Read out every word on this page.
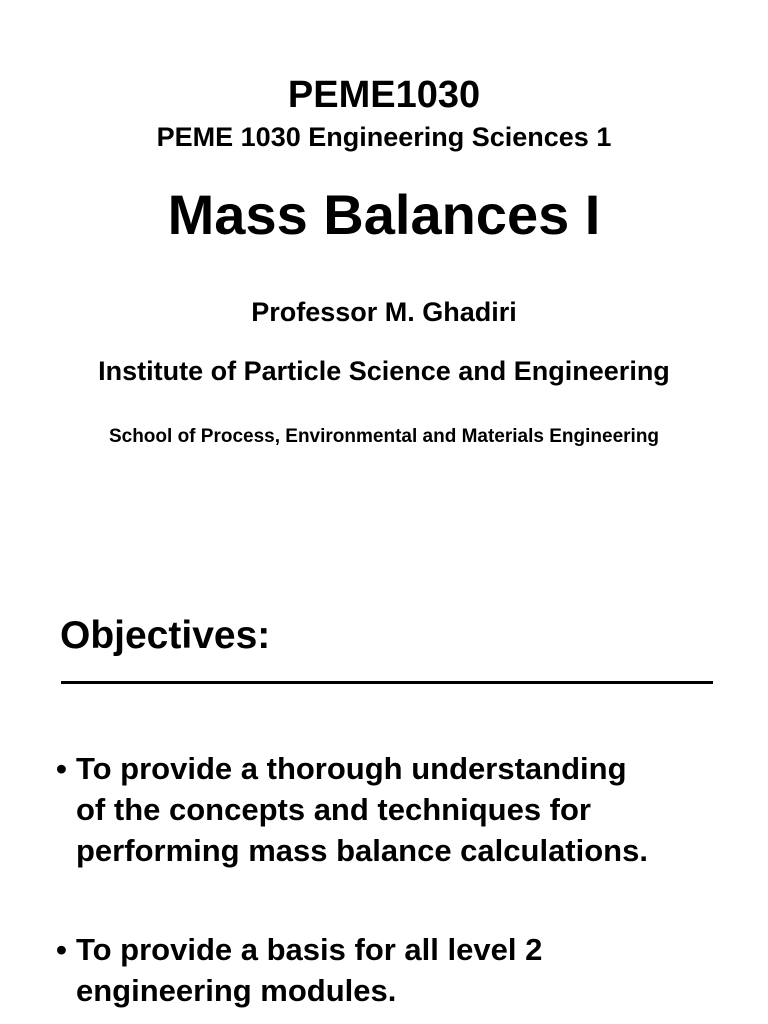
PEME1030
PEME 1030 Engineering Sciences 1
Mass Balances I
Professor M. Ghadiri
Institute of Particle Science and Engineering
School of Process, Environmental and Materials Engineering
Objectives:
• To provide a thorough understanding
of the concepts and techniques for
performing mass balance calculations.
• To provide a basis for all level 2
engineering modules.
